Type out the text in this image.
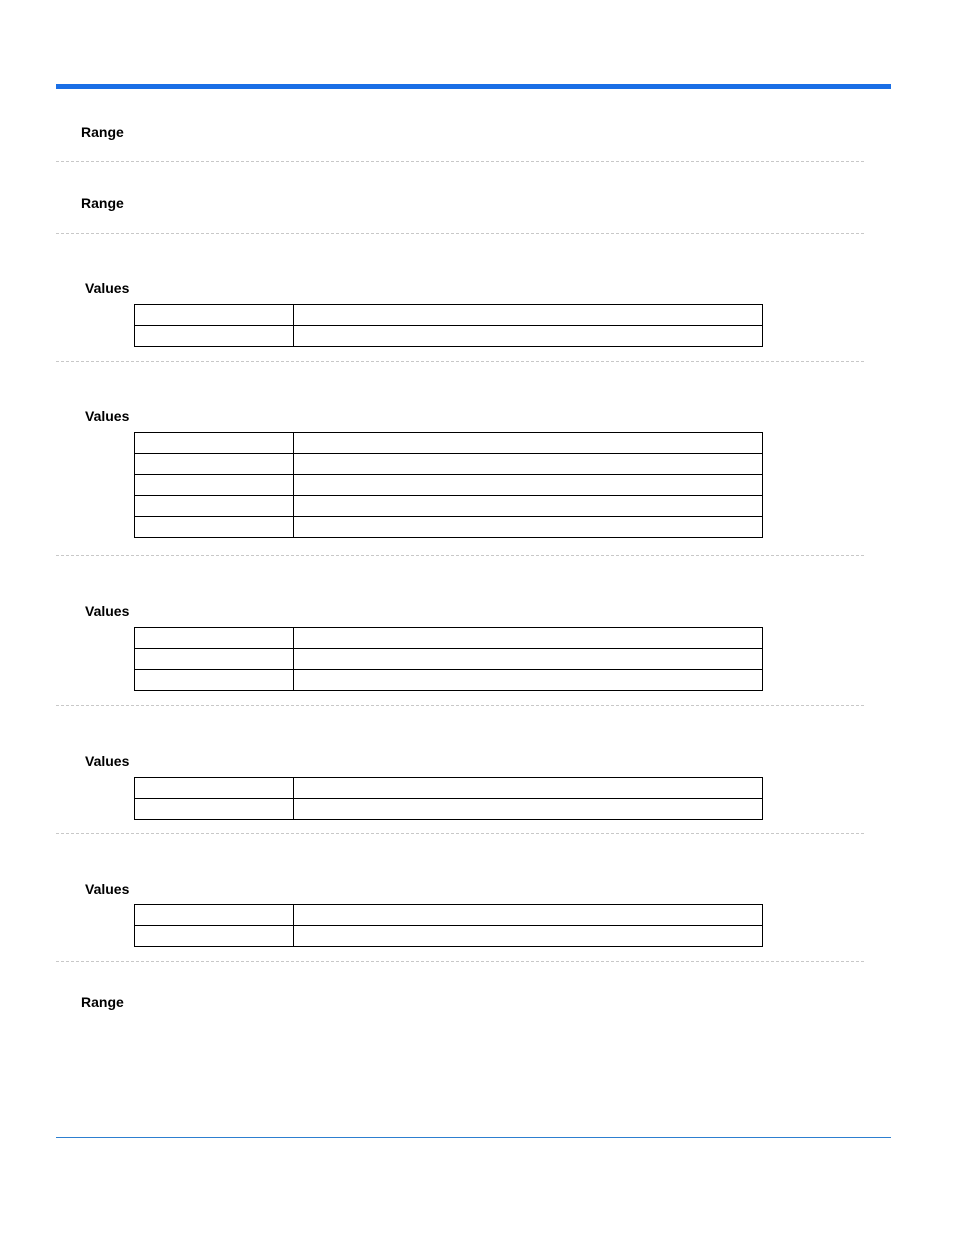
Range
Range
Values

Values

Values

Values

Values

Range
